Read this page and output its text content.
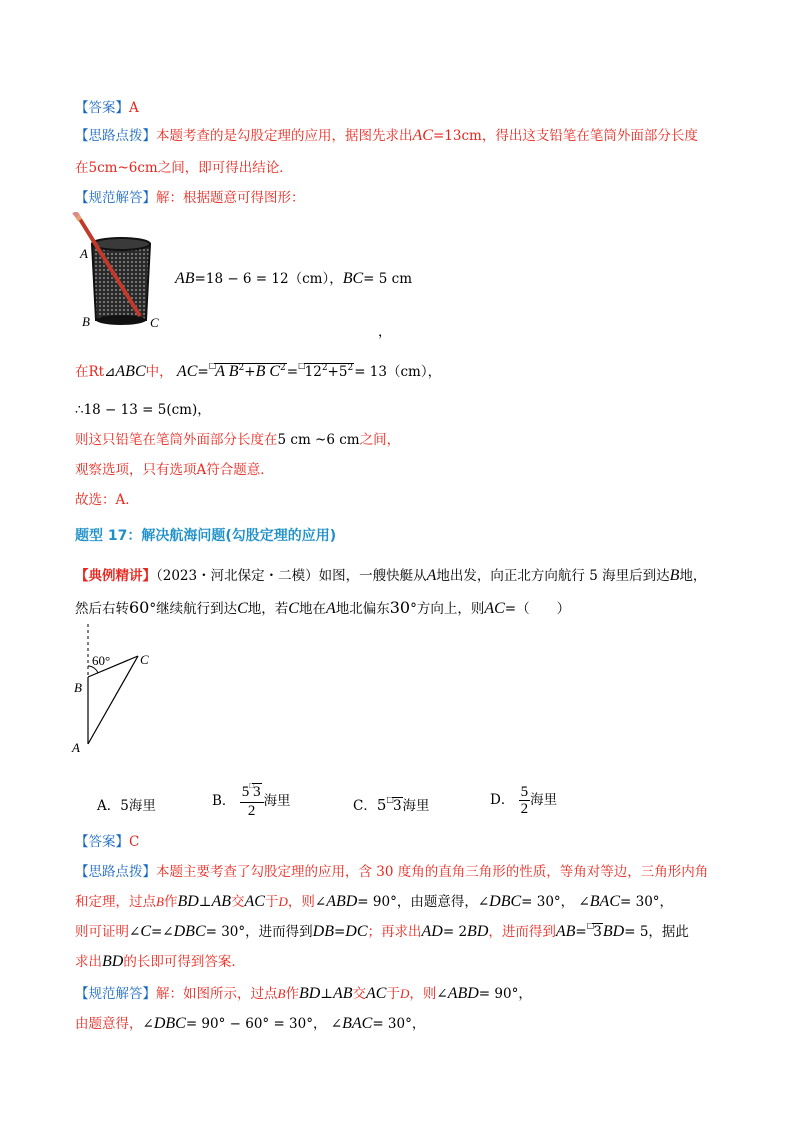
【答案】A
【思路点拨】本题考查的是勾股定理的应用，据图先求出AC=13cm，得出这支铅笔在笔筒外面部分长度
在5cm~6cm之间，即可得出结论．
【规范解答】解：根据题意可得图形：
A
B	C
AB=18 − 6 = 12（cm），BC= 5 cm
，
在Rt⊿ABC中， AC=□A $B^2+B$ $C^2=^□12^2+5^2= 13(cm)$，
∴18 − 13 = 5(cm)，
则这只铅笔在笔筒外面部分长度在5 cm ~6 cm之间，
观察选项，只有选项A符合题意．
故选：A．
题型 17：解决航海问题(勾股定理的应用)
【典例精讲】（2023・河北保定・二模）如图，一艘快艇从A地出发，向正北方向航行 5 海里后到达B地，
然后右转60°继续航行到达C地，若C地在A地北偏东30°方向上，则AC=（　　）
60° C
B
A
A．5海里	B． $\frac{5^□3}{2}$ 海里	C．5□3海里	D． $\frac{5}{2}$ 海里
【答案】C
【思路点拨】本题主要考查了勾股定理的应用，含 30 度角的直角三角形的性质，等角对等边，三角形内角
和定理，过点B作BD⊥AB交AC于D，则∠ABD= 90°，由题意得，∠DBC= 30°， ∠BAC= 30°，
则可证明∠C=∠DBC= 30°，进而得到DB=DC；再求出AD= 2BD，进而得到AB=□3BD= 5，据此
求出BD的长即可得到答案．
【规范解答】解：如图所示，过点B作BD⊥AB交AC于D，则∠ABD= 90°，
由题意得，∠DBC= 90° − 60° = 30°， ∠BAC= 30°，
